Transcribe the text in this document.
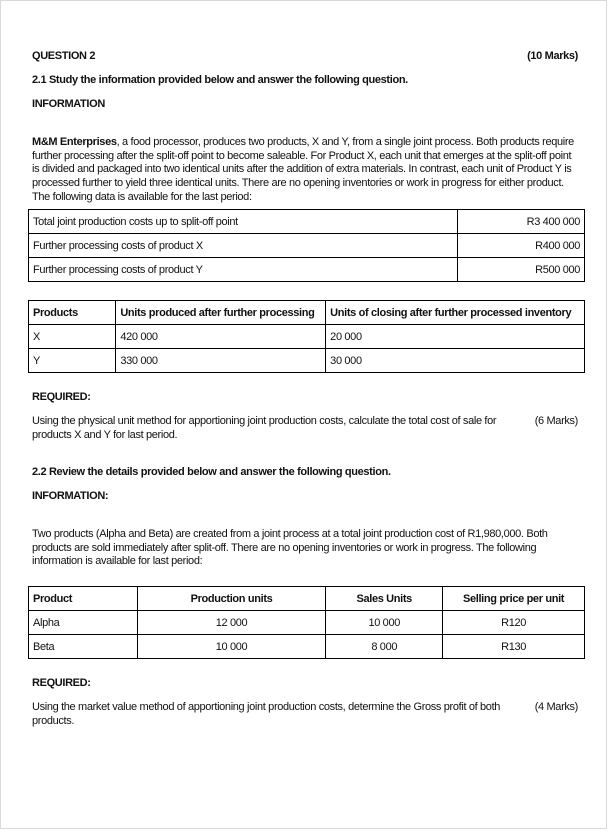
QUESTION 2	(10 Marks)
2.1 Study the information provided below and answer the following question.
INFORMATION
M&M Enterprises, a food processor, produces two products, X and Y, from a single joint process. Both products require
further processing after the split-off point to become saleable. For Product X, each unit that emerges at the split-off point
is divided and packaged into two identical units after the addition of extra materials. In contrast, each unit of Product Y is
processed further to yield three identical units. There are no opening inventories or work in progress for either product.
The following data is available for the last period:
Total joint production costs up to split-off point	R3 400 000
Further processing costs of product X	R400 000
Further processing costs of product Y	R500 000
Products	Units produced after further processing	Units of closing after further processed inventory
X	420 000	20 000
Y	330 000	30 000
REQUIRED:
Using the physical unit method for apportioning joint production costs, calculate the total cost of sale for
products X and Y for last period.
(6 Marks)
2.2 Review the details provided below and answer the following question.
INFORMATION:
Two products (Alpha and Beta) are created from a joint process at a total joint production cost of R1,980,000. Both
products are sold immediately after split-off. There are no opening inventories or work in progress. The following
information is available for last period:
Product	Production units	Sales Units	Selling price per unit
Alpha	12 000	10 000	R120
Beta	10 000	8 000	R130
REQUIRED:
Using the market value method of apportioning joint production costs, determine the Gross profit of both
products.
(4 Marks)
